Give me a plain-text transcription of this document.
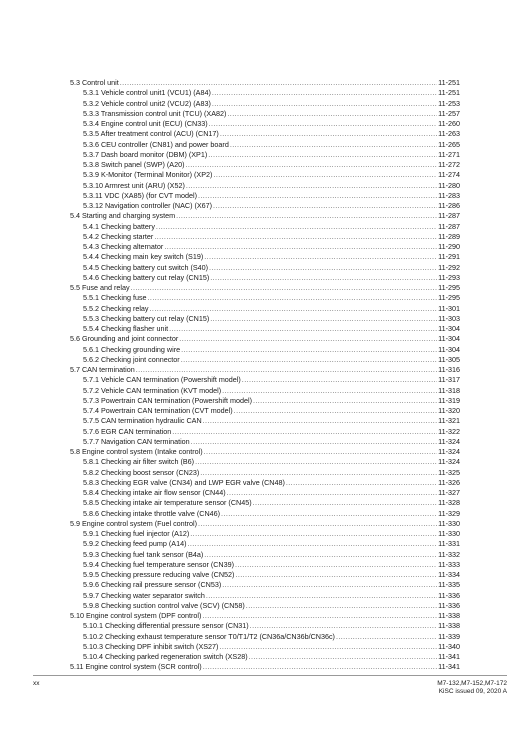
5.3 Control unit .....	11-251
5.3.1 Vehicle control unit1 (VCU1) (A84) .....	11-251
5.3.2 Vehicle control unit2 (VCU2) (A83) .....	11-253
5.3.3 Transmission control unit (TCU) (XA82) .....	11-257
5.3.4 Engine control unit (ECU) (CN33) .....	11-260
5.3.5 After treatment control (ACU) (CN17) .....	11-263
5.3.6 CEU controller (CN81) and power board .....	11-265
5.3.7 Dash board monitor (DBM) (XP1) .....	11-271
5.3.8 Switch panel (SWP) (A20) .....	11-272
5.3.9 K-Monitor (Terminal Monitor) (XP2) .....	11-274
5.3.10 Armrest unit (ARU) (X52) .....	11-280
5.3.11 VDC (XA85) (for CVT model) .....	11-283
5.3.12 Navigation controller (NAC) (X67) .....	11-286
5.4 Starting and charging system .....	11-287
5.4.1 Checking battery .....	11-287
5.4.2 Checking starter .....	11-289
5.4.3 Checking alternator .....	11-290
5.4.4 Checking main key switch (S19) .....	11-291
5.4.5 Checking battery cut switch (S40) .....	11-292
5.4.6 Checking battery cut relay (CN15) .....	11-293
5.5 Fuse and relay .....	11-295
5.5.1 Checking fuse .....	11-295
5.5.2 Checking relay .....	11-301
5.5.3 Checking battery cut relay (CN15) .....	11-303
5.5.4 Checking flasher unit .....	11-304
5.6 Grounding and joint connector .....	11-304
5.6.1 Checking grounding wire .....	11-304
5.6.2 Checking joint connector .....	11-305
5.7 CAN termination .....	11-316
5.7.1 Vehicle CAN termination (Powershift model) .....	11-317
5.7.2 Vehicle CAN termination (KVT model) .....	11-318
5.7.3 Powertrain CAN termination (Powershift model) .....	11-319
5.7.4 Powertrain CAN termination (CVT model) .....	11-320
5.7.5 CAN termination hydraulic CAN .....	11-321
5.7.6 EGR CAN termination .....	11-322
5.7.7 Navigation CAN termination .....	11-324
5.8 Engine control system (Intake control) .....	11-324
5.8.1 Checking air filter switch (B6) .....	11-324
5.8.2 Checking boost sensor (CN23) .....	11-325
5.8.3 Checking EGR valve (CN34) and LWP EGR valve (CN48) .....	11-326
5.8.4 Checking intake air flow sensor (CN44) .....	11-327
5.8.5 Checking intake air temperature sensor (CN45) .....	11-328
5.8.6 Checking intake throttle valve (CN46) .....	11-329
5.9 Engine control system (Fuel control) .....	11-330
5.9.1 Checking fuel injector (A12) .....	11-330
5.9.2 Checking feed pump (A14) .....	11-331
5.9.3 Checking fuel tank sensor (B4a) .....	11-332
5.9.4 Checking fuel temperature sensor (CN39) .....	11-333
5.9.5 Checking pressure reducing valve (CN52) .....	11-334
5.9.6 Checking rail pressure sensor (CN53) .....	11-335
5.9.7 Checking water separator switch .....	11-336
5.9.8 Checking suction control valve (SCV) (CN58) .....	11-336
5.10 Engine control system (DPF control) .....	11-338
5.10.1 Checking differential pressure sensor (CN31) .....	11-338
5.10.2 Checking exhaust temperature sensor T0/T1/T2 (CN36a/CN36b/CN36c) .....	11-339
5.10.3 Checking DPF inhibit switch (XS27) .....	11-340
5.10.4 Checking parked regeneration switch (XS28) .....	11-341
5.11 Engine control system (SCR control) .....	11-341
xx	M7-132,M7-152,M7-172
KiSC issued 09, 2020 A
